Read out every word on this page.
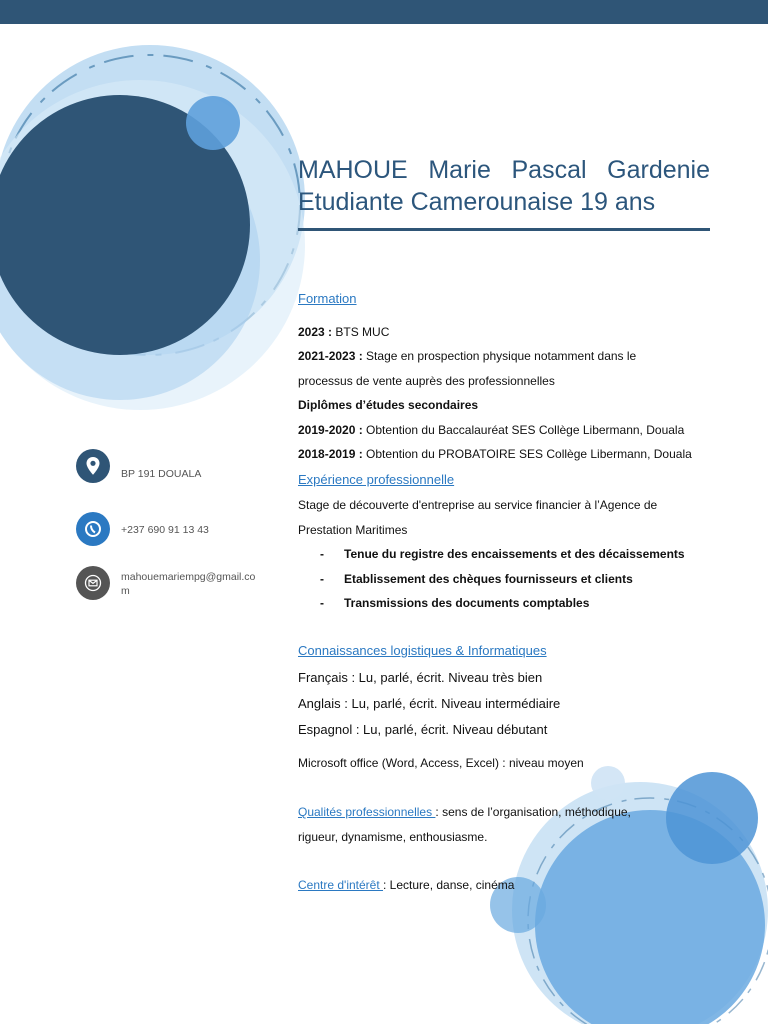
MAHOUE Marie Pascal Gardenie
Etudiante Camerounaise 19 ans
BP 191 DOUALA
+237 690 91 13 43
mahouemariempg@gmail.com
Formation
2023 : BTS MUC
2021-2023 : Stage en prospection physique notamment dans le
processus de vente auprès des professionnelles
Diplômes d’études secondaires
2019-2020 : Obtention du Baccalauréat SES Collège Libermann, Douala
2018-2019 : Obtention du PROBATOIRE SES Collège Libermann, Douala
Expérience professionnelle
Stage de découverte d'entreprise au service financier à l’Agence de
Prestation Maritimes
- Tenue du registre des encaissements et des décaissements
- Etablissement des chèques fournisseurs et clients
- Transmissions des documents comptables
Connaissances logistiques & Informatiques
Français : Lu, parlé, écrit. Niveau très bien
Anglais : Lu, parlé, écrit. Niveau intermédiaire
Espagnol : Lu, parlé, écrit. Niveau débutant
Microsoft office (Word, Access, Excel) : niveau moyen
Qualités professionnelles : sens de l’organisation, méthodique,
rigueur, dynamisme, enthousiasme.
Centre d'intérêt : Lecture, danse, cinéma
